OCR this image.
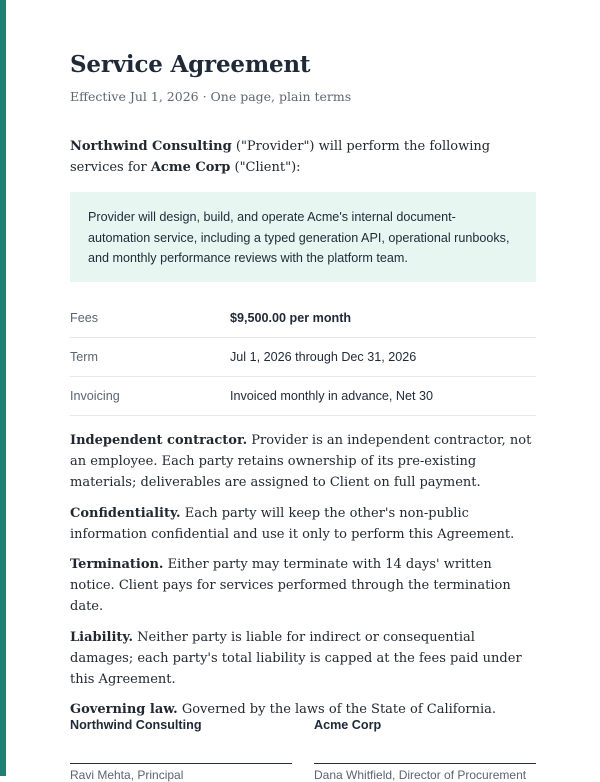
Service Agreement
Effective Jul 1, 2026 · One page, plain terms
Northwind Consulting ("Provider") will perform the following services for Acme Corp ("Client"):
Provider will design, build, and operate Acme's internal document-automation service, including a typed generation API, operational runbooks, and monthly performance reviews with the platform team.
Fees	$9,500.00 per month
Term	Jul 1, 2026 through Dec 31, 2026
Invoicing	Invoiced monthly in advance, Net 30

Independent contractor. Provider is an independent contractor, not an employee. Each party retains ownership of its pre-existing materials; deliverables are assigned to Client on full payment.

Confidentiality. Each party will keep the other's non-public information confidential and use it only to perform this Agreement.

Termination. Either party may terminate with 14 days' written notice. Client pays for services performed through the termination date.

Liability. Neither party is liable for indirect or consequential damages; each party's total liability is capped at the fees paid under this Agreement.

Governing law. Governed by the laws of the State of California.

Northwind Consulting
Ravi Mehta, Principal
Acme Corp
Dana Whitfield, Director of Procurement
